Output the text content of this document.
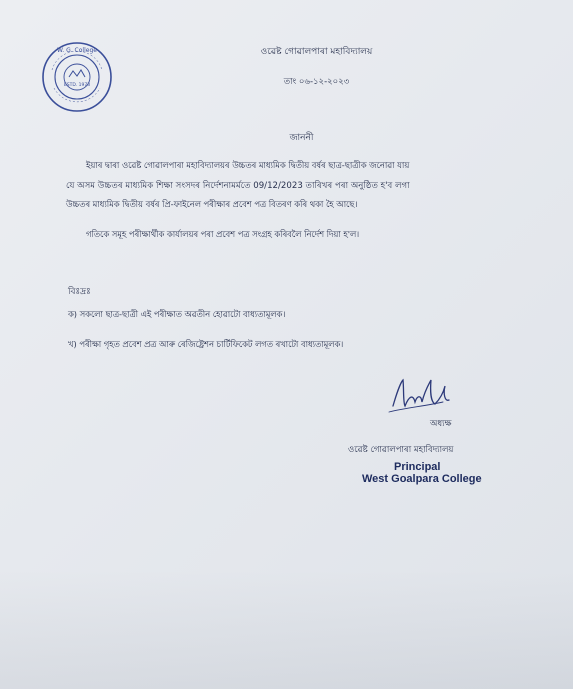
W. G. College
ESTD. 1973
ওৱেষ্ট গোৱালপাৰা মহাবিদ্যালয়
তাং ০৬-১২-২০২৩
জাননী
ইয়াৰ দ্বাৰা ওৱেষ্ট গোৱালপাৰা মহাবিদ্যালয়ৰ উচ্চতৰ মাধ্যমিক দ্বিতীয় বৰ্ষৰ ছাত্ৰ-ছাত্ৰীক জনোৱা যায়
যে অসম উচ্চতৰ মাধ্যমিক শিক্ষা সংসদৰ নিৰ্দেশনামৰ্মতে 09/12/2023 তাৰিখৰ পৰা অনুষ্ঠিত হ'ব লগা
উচ্চতৰ মাধ্যমিক দ্বিতীয় বৰ্ষৰ প্ৰি-ফাইনেল পৰীক্ষাৰ প্ৰবেশ পত্ৰ বিতৰণ কৰি থকা হৈ আছে।
গতিকে সমূহ পৰীক্ষাৰ্থীক কাৰ্যালয়ৰ পৰা প্ৰবেশ পত্ৰ সংগ্ৰহ কৰিবলৈ নিৰ্দেশ দিয়া হ'ল।
বিঃদ্ৰঃ
ক) সকলো ছাত্ৰ-ছাত্ৰী এই পৰীক্ষাত অৱতীন হোৱাটো বাধ্যতামূলক।
খ) পৰীক্ষা গৃহত প্ৰবেশ প্ৰত্ৰ আৰু ৰেজিষ্ট্ৰেশন চাৰ্টিফিকেট লগত ৰখাটো বাধ্যতামূলক।
অধ্যক্ষ
ওৱেষ্ট গোৱালপাৰা মহাবিদ্যালয়
Principal
West Goalpara College
